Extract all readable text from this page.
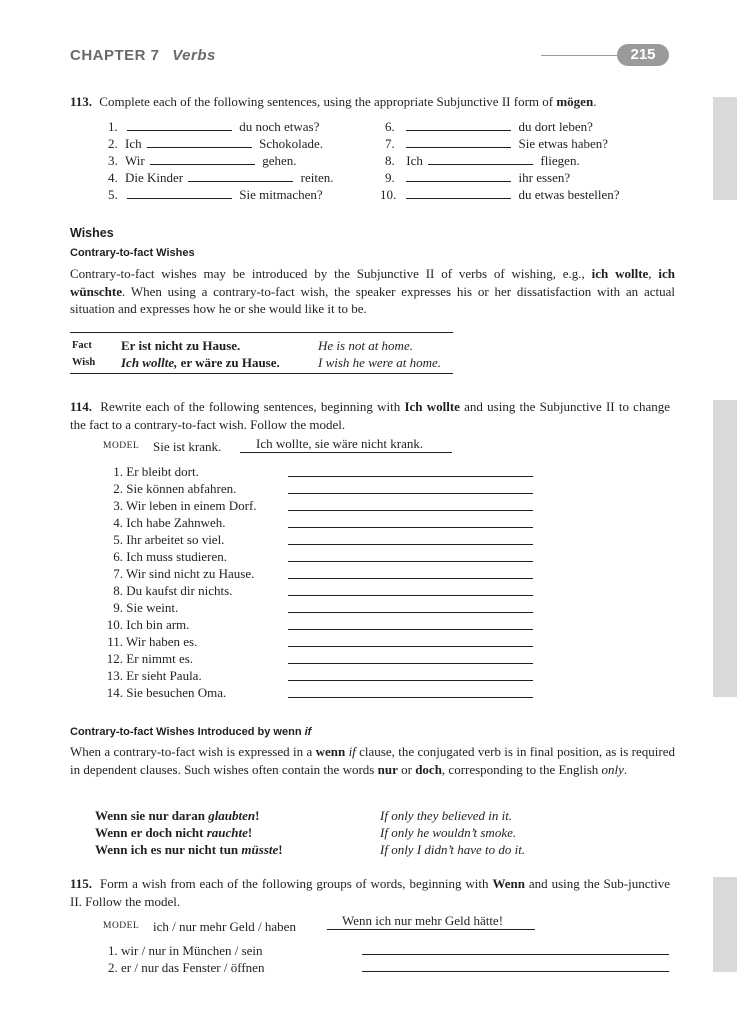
CHAPTER 7 Verbs	215
113. Complete each of the following sentences, using the appropriate Subjunctive II form of mögen.
1.	du noch etwas?
2. Ich	Schokolade.
3. Wir	gehen.
4. Die Kinder	reiten.
5.	Sie mitmachen?
6.	du dort leben?
7.	Sie etwas haben?
8. Ich	fliegen.
9.	ihr essen?
10.	du etwas bestellen?
Wishes
Contrary-to-fact Wishes
Contrary-to-fact wishes may be introduced by the Subjunctive II of verbs of wishing, e.g., ich wollte, ich wünschte. When using a contrary-to-fact wish, the speaker expresses his or her dissatisfaction with an actual situation and expresses how he or she would like it to be.
Fact Er ist nicht zu Hause.	He is not at home.
Wish Ich wollte, er wäre zu Hause.	I wish he were at home.
114. Rewrite each of the following sentences, beginning with Ich wollte and using the Subjunctive II to change the fact to a contrary-to-fact wish. Follow the model.
MODEL Sie ist krank.	Ich wollte, sie wäre nicht krank.
1. Er bleibt dort.
2. Sie können abfahren.
3. Wir leben in einem Dorf.
4. Ich habe Zahnweh.
5. Ihr arbeitet so viel.
6. Ich muss studieren.
7. Wir sind nicht zu Hause.
8. Du kaufst dir nichts.
9. Sie weint.
10. Ich bin arm.
11. Wir haben es.
12. Er nimmt es.
13. Er sieht Paula.
14. Sie besuchen Oma.
Contrary-to-fact Wishes Introduced by wenn if
When a contrary-to-fact wish is expressed in a wenn if clause, the conjugated verb is in final position, as is required in dependent clauses. Such wishes often contain the words nur or doch, corresponding to the English only.
Wenn sie nur daran glaubten!	If only they believed in it.
Wenn er doch nicht rauchte!	If only he wouldn’t smoke.
Wenn ich es nur nicht tun müsste!	If only I didn’t have to do it.
115. Form a wish from each of the following groups of words, beginning with Wenn and using the Sub-junctive II. Follow the model.
MODEL ich / nur mehr Geld / haben	Wenn ich nur mehr Geld hätte!
1. wir / nur in München / sein
2. er / nur das Fenster / öffnen
